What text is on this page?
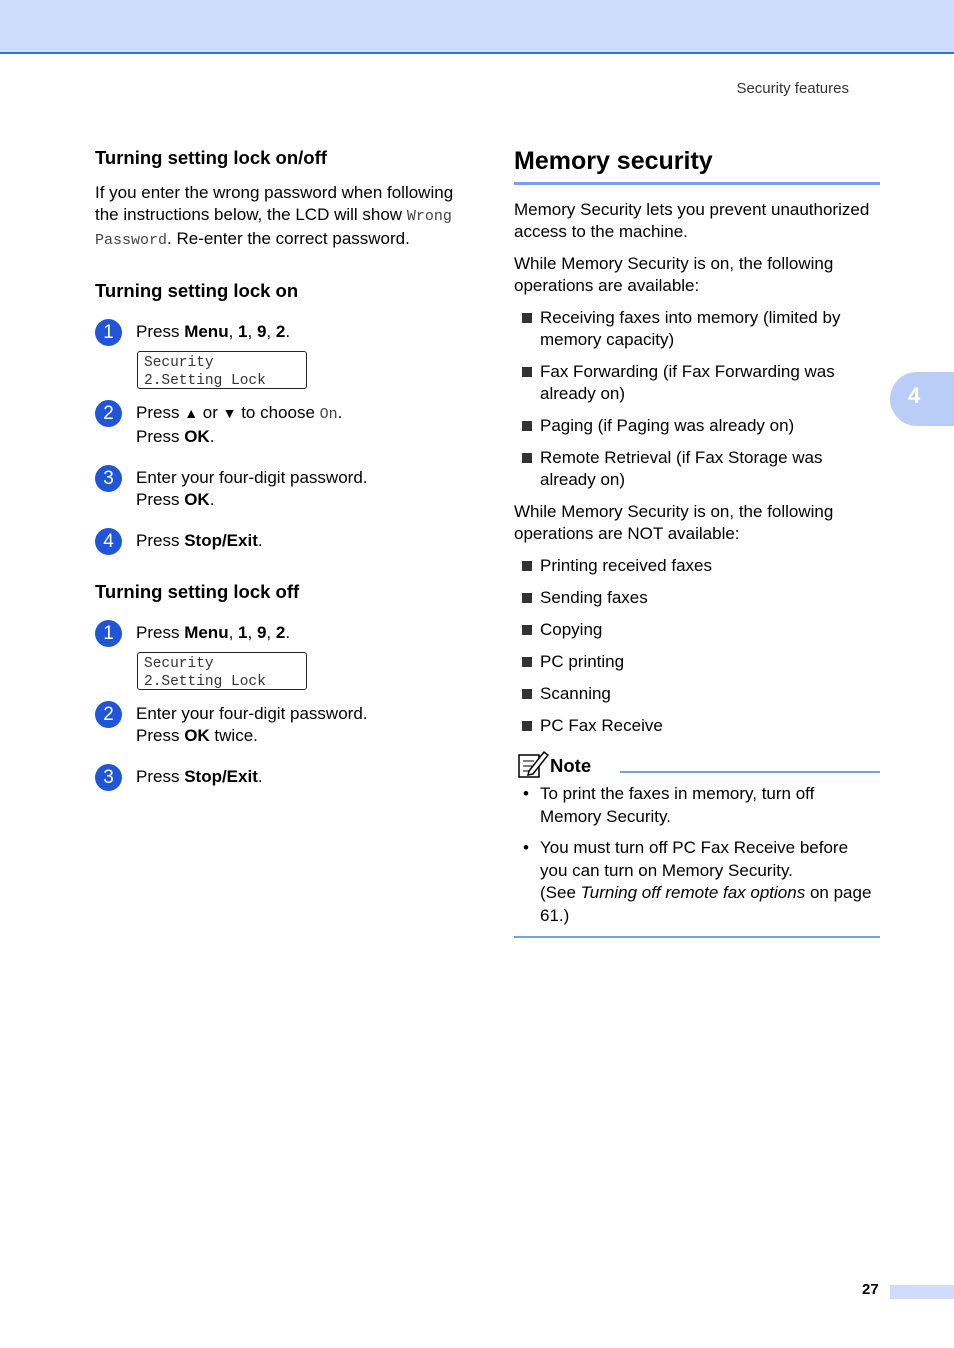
Security features
4
Turning setting lock on/off

If you enter the wrong password when following the instructions below, the LCD will show Wrong Password. Re-enter the correct password.

Turning setting lock on
1	Press Menu, 1, 9, 2.
Security
2.Setting Lock
2	Press ▲ or ▼ to choose On.
Press OK.
3	Enter your four-digit password.
Press OK.
4	Press Stop/Exit.
Turning setting lock off
1	Press Menu, 1, 9, 2.
Security
2.Setting Lock
2	Enter your four-digit password.
Press OK twice.
3	Press Stop/Exit.
Memory security

Memory Security lets you prevent unauthorized access to the machine.

While Memory Security is on, the following operations are available:

Receiving faxes into memory (limited by memory capacity)
Fax Forwarding (if Fax Forwarding was already on)
Paging (if Paging was already on)
Remote Retrieval (if Fax Storage was already on)

While Memory Security is on, the following operations are NOT available:

Printing received faxes
Sending faxes
Copying
PC printing
Scanning
PC Fax Receive
Note
• To print the faxes in memory, turn off Memory Security.
• You must turn off PC Fax Receive before you can turn on Memory Security.
(See Turning off remote fax options on page 61.)
27
